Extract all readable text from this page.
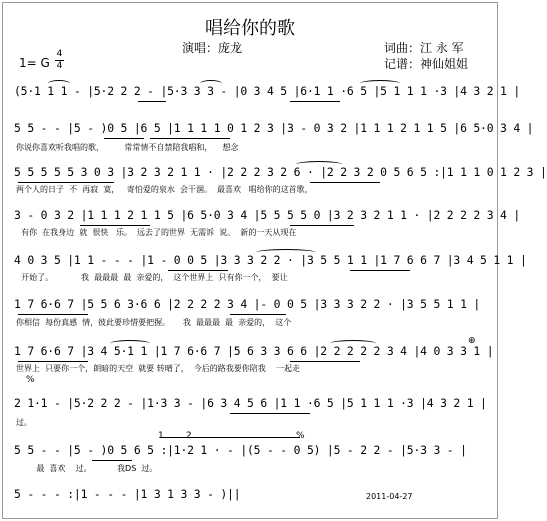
唱给你的歌
演唱：庞龙	词曲：江 永 军
记谱：神仙姐姐
1= G
4
4
(5·1 1 1 - |5·2 2 2 - |5·3 3 3 - |0 3 4 5 |6·1 1 ·6 5 |5 1 1 1 ·3 |4 3 2 1 |
5 5 - - |5 - )0 5 |6 5 |1 1 1 1 0 1 2 3 |3 - 0 3 2 |1 1 1 2 1 1 5 |6 5·0 3 4 |
你说你喜欢听我唱的歌，        常常情不自禁陪我唱和，    想念
5 5 5 5 5 3 0 3 |3 2 3 2 1 1 · |2 2 2 3 2 6 · |2 2 3 2 0 5 6 5 :|1 1 1 0 1 2 3 |
两个人的日子  不  再寂  寞，   寄怕爱的泉水  会干涸。  最喜欢   唱给你的这首歌，
3 - 0 3 2 |1 1 1 2 1 1 5 |6 5·0 3 4 |5 5 5 5 0 |3 2 3 2 1 1 · |2 2 2 2 3 4 |
有你  在我身边  就  很快   乐。  远去了的世界  无需诉  说。  新的一天从现在
4 0 3 5 |1 1 - - - |1 - 0 0 5 |3 3 3 2 2 · |3 5 5 1 1 |1 7 6 6 7 |3 4 5 1 1 |
开始了。           我  最最最  最  亲爱的，  这个世界上  只有你一个，  要让
1 7 6·6 7 |5 5 6 3·6 6 |2 2 2 2 3 4 |- 0 0 5 |3 3 3 2 2 · |3 5 5 1 1 |
你相信  每份真感  情，彼此要珍惜要把握。     我  最最最  最  亲爱的，  这个
1 7 6·6 7 |3 4 5·1 1 |1 7 6·6 7 |5 6 3 3 6 6 |2 2 2 2 2 3 4 |4 0 3 3 1 |
世界上  只要你一个，朗暗的天空  就要 转晴了，  今后的路我要你陪我    一起走
%
2 1·1 - |5·2 2 2 - |1·3 3 - |6 3 4 5 6 |1 1 ·6 5 |5 1 1 1 ·3 |4 3 2 1 |
过。
1 2.	%
5 5 - - |5 - )0 5 6 5 :|1·2 1 · - |(5 - - 0 5) |5 - 2 2 - |5·3 3 - |
最  喜欢    过。          我DS  过。
5 - - - :|1 - - - |1 3 1 3 3 - )||
⊕
2011-04-27
